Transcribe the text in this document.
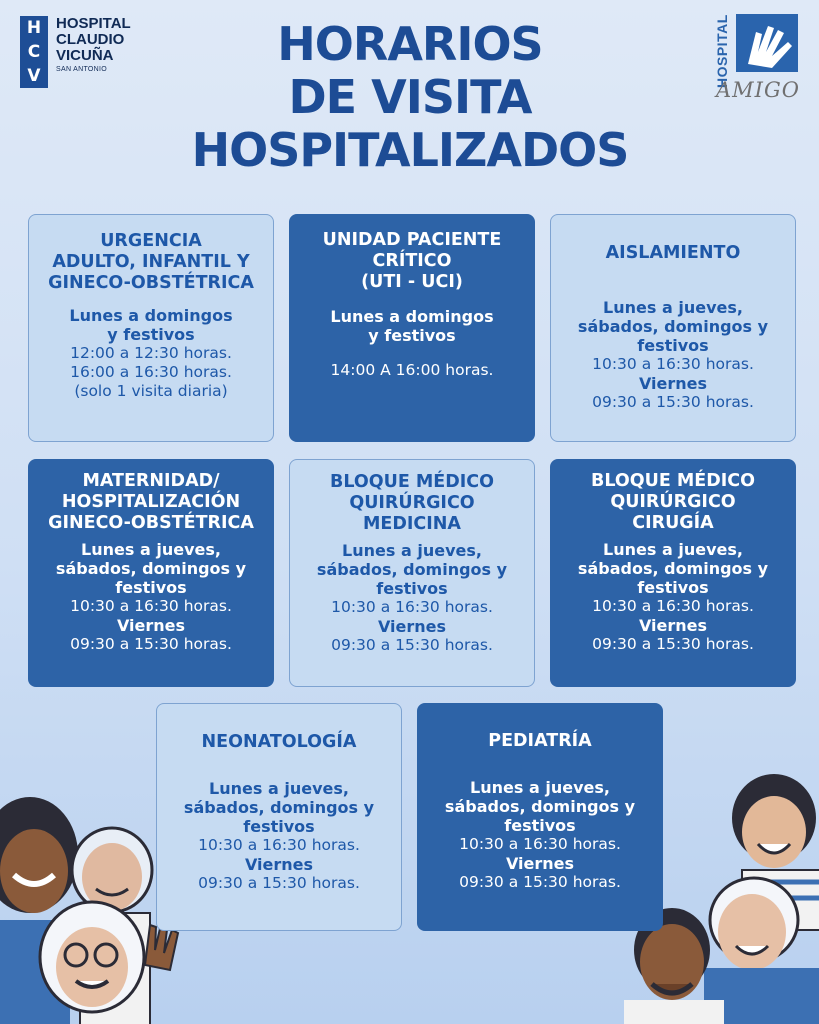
H
C
V
HOSPITAL
CLAUDIO
VICUÑA
SAN ANTONIO	HORARIOS
DE VISITA
HOSPITALIZADOS
HOSPITAL
AMIGO
URGENCIA
ADULTO, INFANTIL Y
GINECO-OBSTÉTRICA
Lunes a domingos
y festivos
12:00 a 12:30 horas.
16:00 a 16:30 horas.
(solo 1 visita diaria)
UNIDAD PACIENTE
CRÍTICO
(UTI - UCI)
Lunes a domingos
y festivos
14:00 A 16:00 horas.
AISLAMIENTO
Lunes a jueves,
sábados, domingos y
festivos
10:30 a 16:30 horas.
Viernes
09:30 a 15:30 horas.
MATERNIDAD/
HOSPITALIZACIÓN
GINECO-OBSTÉTRICA
Lunes a jueves,
sábados, domingos y
festivos
10:30 a 16:30 horas.
Viernes
09:30 a 15:30 horas.
BLOQUE MÉDICO
QUIRÚRGICO
MEDICINA
Lunes a jueves,
sábados, domingos y
festivos
10:30 a 16:30 horas.
Viernes
09:30 a 15:30 horas.
BLOQUE MÉDICO
QUIRÚRGICO
CIRUGÍA
Lunes a jueves,
sábados, domingos y
festivos
10:30 a 16:30 horas.
Viernes
09:30 a 15:30 horas.
NEONATOLOGÍA
Lunes a jueves,
sábados, domingos y
festivos
10:30 a 16:30 horas.
Viernes
09:30 a 15:30 horas.
PEDIATRÍA
Lunes a jueves,
sábados, domingos y
festivos
10:30 a 16:30 horas.
Viernes
09:30 a 15:30 horas.
